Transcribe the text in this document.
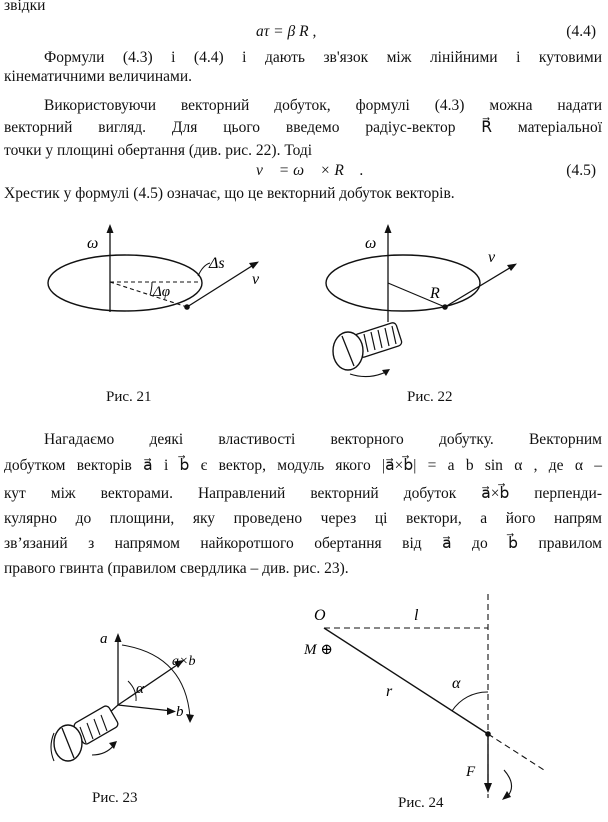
звідки
aτ = β R ,	(4.4)
Формули (4.3) і (4.4) і дають зв'язок між лінійними і кутовими
кінематичними величинами.
Використовуючи векторний добуток, формулі (4.3) можна надати
векторний вигляд. Для цього введемо радіус-вектор R⃗ матеріальної
точки у площині обертання (див. рис. 22). Тоді
v⃗ = ω⃗ × R⃗ .	(4.5)
Хрестик у формулі (4.5) означає, що це векторний добуток векторів.
ω
Δs
Δφ
v
Рис. 21
ω
R
v
Рис. 22
Нагадаємо деякі властивості векторного добутку. Векторним
добутком векторів a⃗ і b⃗ є вектор, модуль якого |a⃗×b⃗| = a b sin α , де α –
кут між векторами. Направлений векторний добуток a⃗×b⃗ перпенди-
кулярно до площини, яку проведено через ці вектори, а його напрям
зв’язаний з напрямом найкоротшого обертання від a⃗ до b⃗ правилом
правого гвинта (правилом свердлика – див. рис. 23).
a
a×b
α
b
Рис. 23
O
M ⊕
l
r	α
F
Рис. 24
